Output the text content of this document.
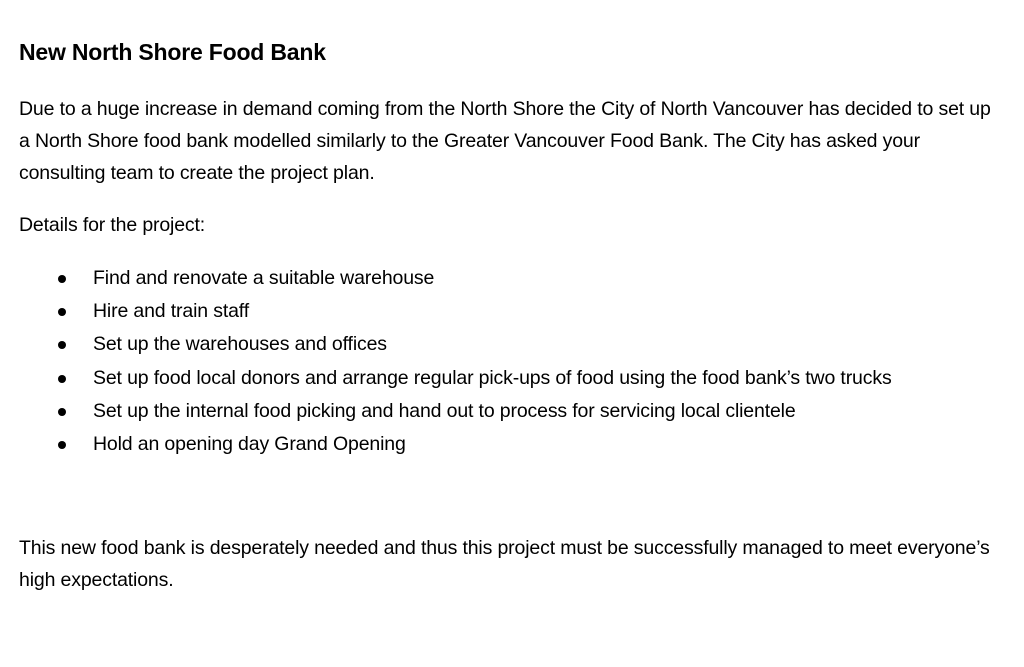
New North Shore Food Bank

Due to a huge increase in demand coming from the North Shore the City of North Vancouver has decided to set up a North Shore food bank modelled similarly to the Greater Vancouver Food Bank. The City has asked your consulting team to create the project plan.

Details for the project:

Find and renovate a suitable warehouse
Hire and train staff
Set up the warehouses and offices
Set up food local donors and arrange regular pick-ups of food using the food bank’s two trucks
Set up the internal food picking and hand out to process for servicing local clientele
Hold an opening day Grand Opening

This new food bank is desperately needed and thus this project must be successfully managed to meet everyone’s high expectations.
